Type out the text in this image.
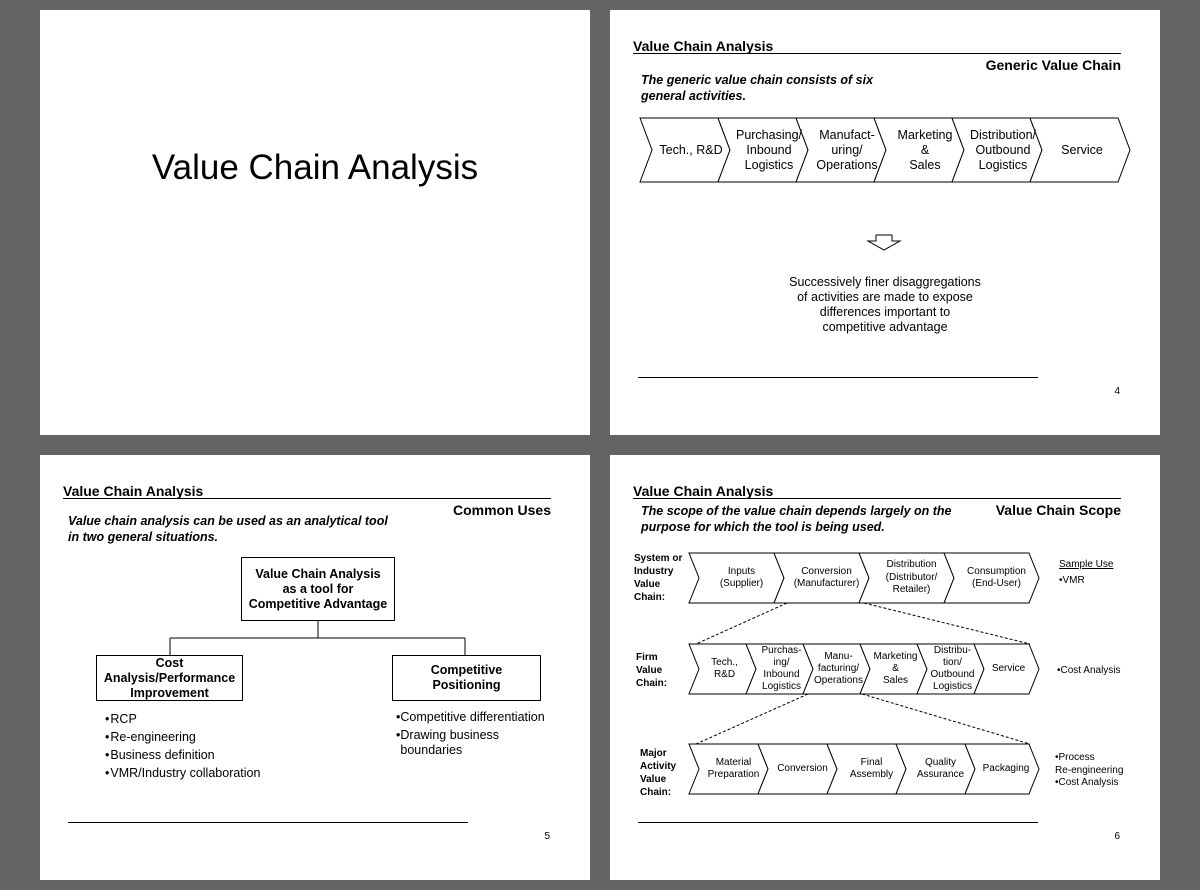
Value Chain Analysis
Value Chain Analysis
Generic Value Chain
The generic value chain consists of six
general activities.
Tech., R&D
Purchasing/
Inbound
Logistics
Manufact-
uring/
Operations
Marketing
&
Sales
Distribution/
Outbound
Logistics
Service
Successively finer disaggregations
of activities are made to expose
differences important to
competitive advantage
4
Value Chain Analysis
Common Uses
Value chain analysis can be used as an analytical tool
in two general situations.
Value Chain Analysis
as a tool for
Competitive Advantage
Cost
Analysis/Performance
Improvement
Competitive
Positioning
• RCP
• Re-engineering
• Business definition
• VMR/Industry collaboration
• Competitive differentiation
• Drawing business
boundaries
5
Value Chain Analysis
Value Chain Scope
The scope of the value chain depends largely on the
purpose for which the tool is being used.
System or
Industry
Value
Chain:
Firm
Value
Chain:
Major
Activity
Value
Chain:
Inputs
(Supplier)
Conversion
(Manufacturer)
Distribution
(Distributor/
Retailer)
Consumption
(End-User)
Tech.,
R&D
Purchas-
ing/
Inbound
Logistics
Manu-
facturing/
Operations
Marketing
&
Sales
Distribu-
tion/
Outbound
Logistics
Service
Material
Preparation
Conversion
Final
Assembly
Quality
Assurance
Packaging
Sample Use
•VMR
•Cost Analysis
•Process
Re-engineering
•Cost Analysis
6
